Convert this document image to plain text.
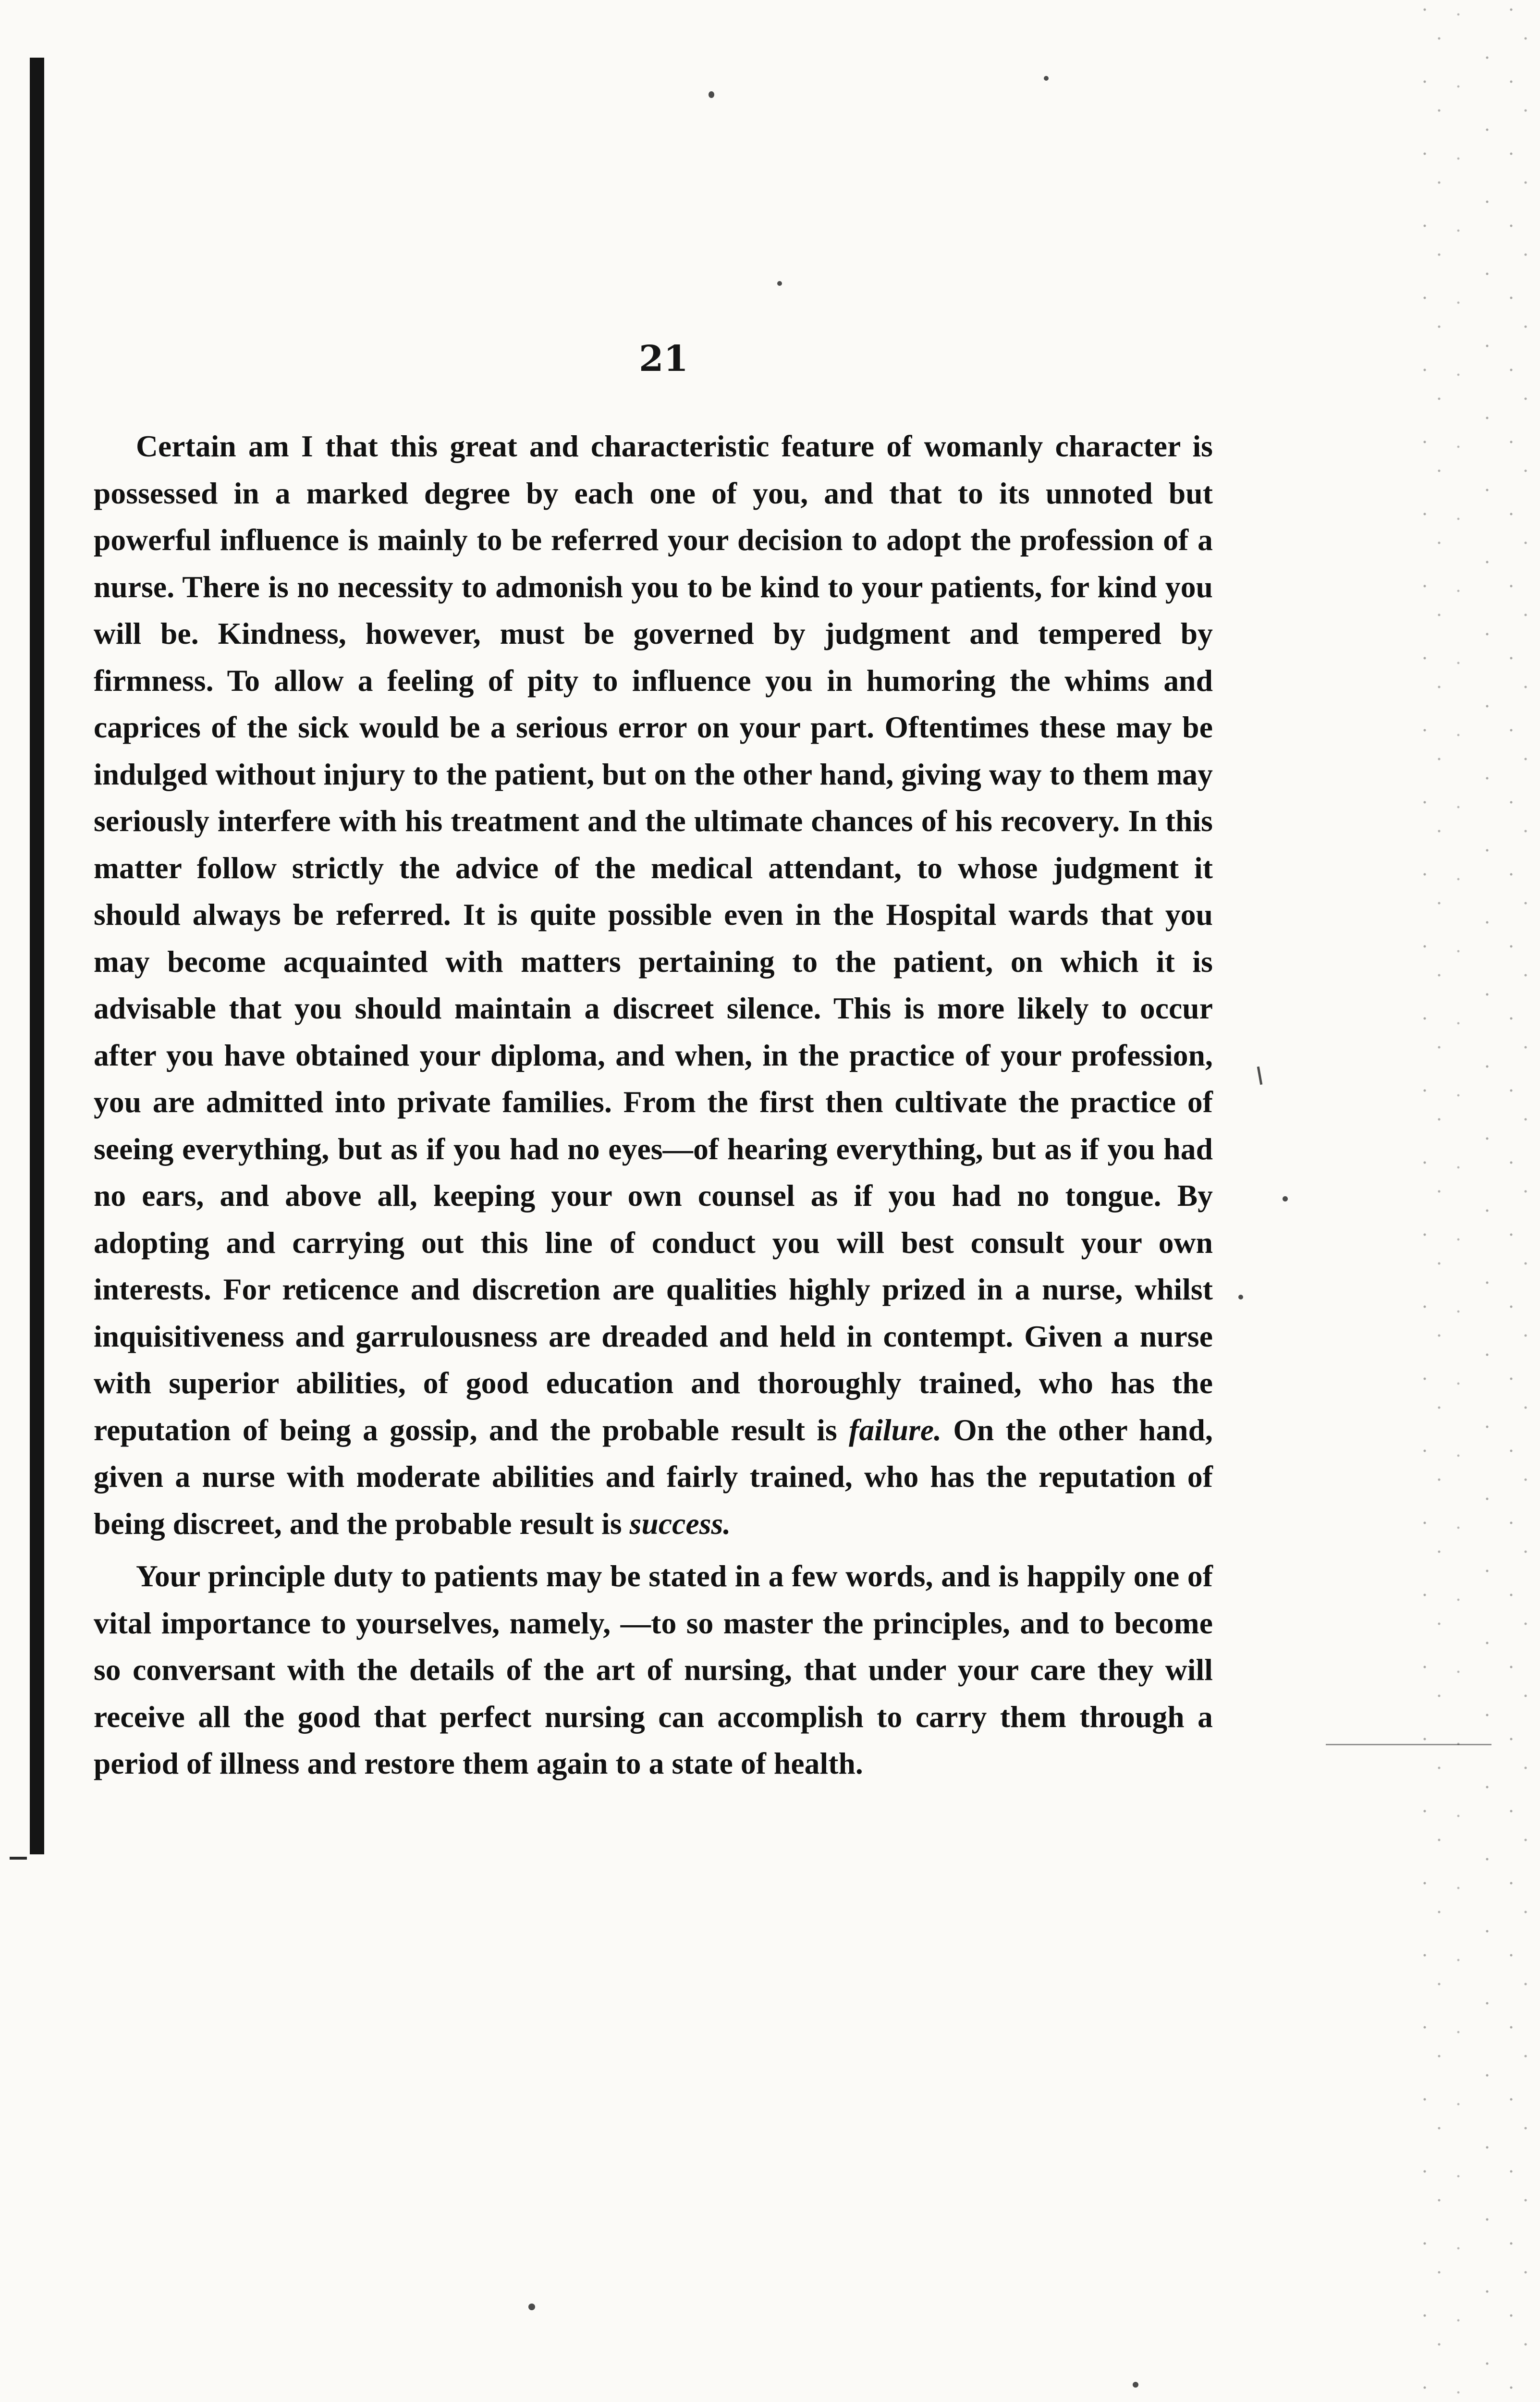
21

Certain am I that this great and characteristic feature of womanly character is possessed in a marked degree by each one of you, and that to its unnoted but powerful influence is mainly to be referred your decision to adopt the profession of a nurse. There is no necessity to admonish you to be kind to your patients, for kind you will be. Kindness, however, must be governed by judgment and tempered by firmness. To allow a feeling of pity to influence you in humoring the whims and caprices of the sick would be a serious error on your part. Oftentimes these may be indulged without injury to the patient, but on the other hand, giving way to them may seriously interfere with his treatment and the ultimate chances of his recovery. In this matter follow strictly the advice of the medical attendant, to whose judgment it should always be referred. It is quite possible even in the Hospital wards that you may become acquainted with matters pertaining to the patient, on which it is advisable that you should maintain a discreet silence. This is more likely to occur after you have obtained your diploma, and when, in the practice of your profession, you are admitted into private families. From the first then cultivate the practice of seeing everything, but as if you had no eyes—of hearing everything, but as if you had no ears, and above all, keeping your own counsel as if you had no tongue. By adopting and carrying out this line of conduct you will best consult your own interests. For reticence and discretion are qualities highly prized in a nurse, whilst inquisitiveness and garrulousness are dreaded and held in contempt. Given a nurse with superior abilities, of good education and thoroughly trained, who has the reputation of being a gossip, and the probable result is failure. On the other hand, given a nurse with moderate abilities and fairly trained, who has the reputation of being discreet, and the probable result is success.

Your principle duty to patients may be stated in a few words, and is happily one of vital importance to yourselves, namely, —to so master the principles, and to become so conversant with the details of the art of nursing, that under your care they will receive all the good that perfect nursing can accomplish to carry them through a period of illness and restore them again to a state of health.
